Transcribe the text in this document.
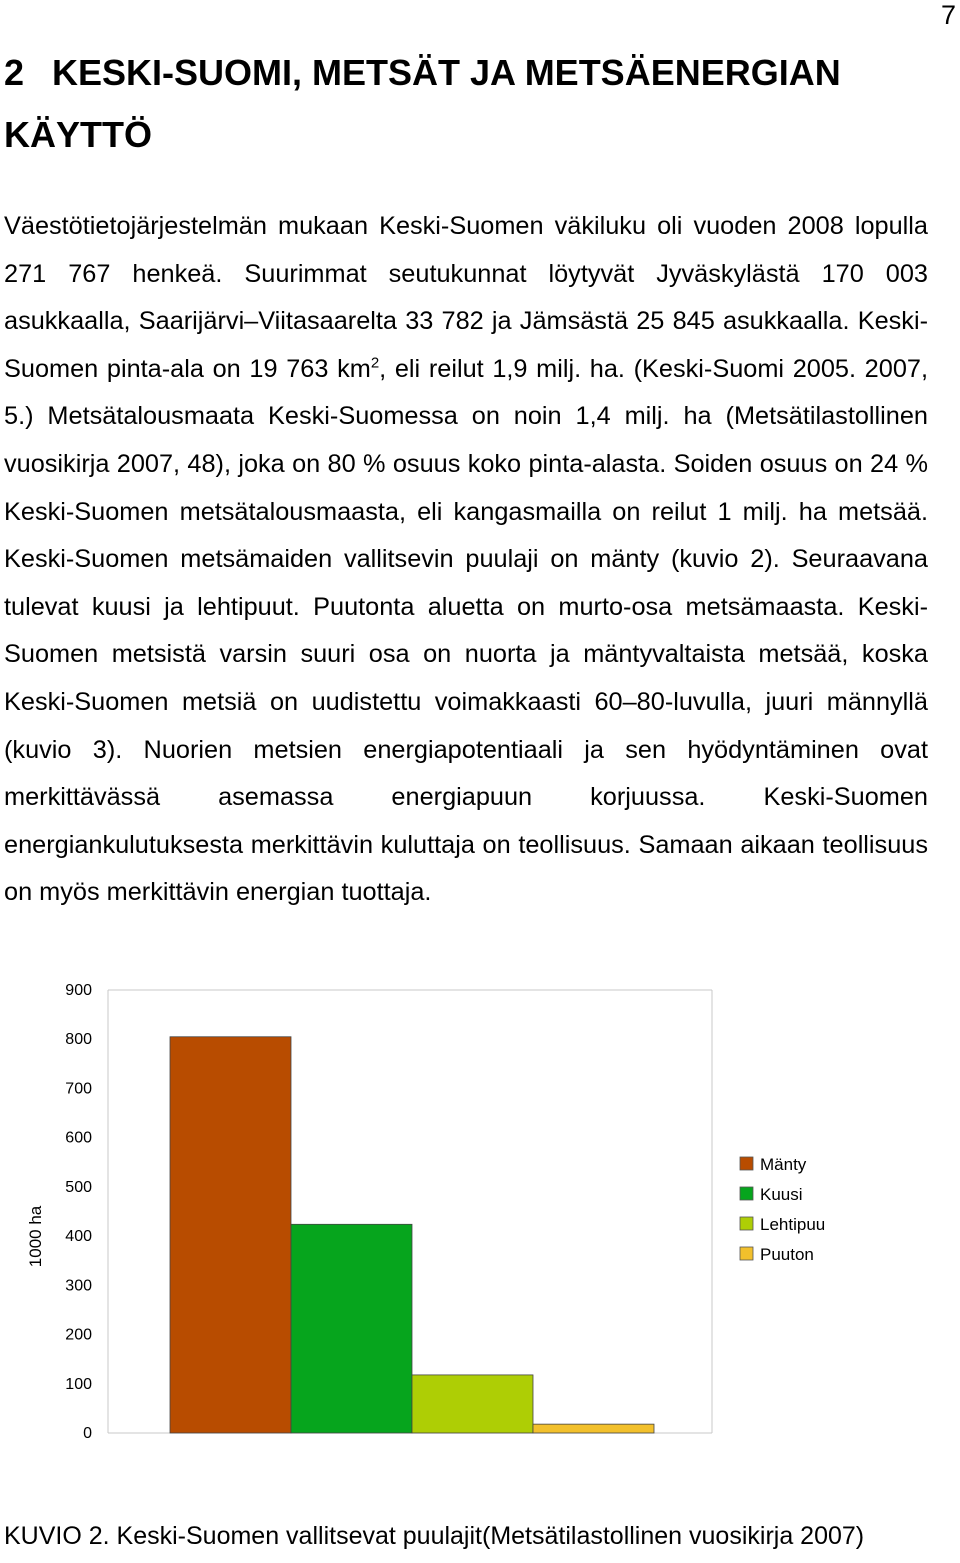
7
2 KESKI-SUOMI, METSÄT JA METSÄENERGIAN KÄYTTÖ

Väestötietojärjestelmän mukaan Keski-Suomen väkiluku oli vuoden 2008 lopulla 271 767 henkeä. Suurimmat seutukunnat löytyvät Jyväskylästä 170 003 asukkaalla, Saarijärvi–Viitasaarelta 33 782 ja Jämsästä 25 845 asukkaalla. Keski-Suomen pinta-ala on 19 763 $km^2$, eli reilut 1,9 milj. ha. (Keski-Suomi 2005. 2007, 5.) Metsätalousmaata Keski-Suomessa on noin 1,4 milj. ha (Metsätilastollinen vuosikirja 2007, 48), joka on 80 % osuus koko pinta-alasta. Soiden osuus on 24 % Keski-Suomen metsätalousmaasta, eli kangasmailla on reilut 1 milj. ha metsää. Keski-Suomen metsämaiden vallitsevin puulaji on mänty (kuvio 2). Seuraavana tulevat kuusi ja lehtipuut. Puutonta aluetta on murto-osa metsämaasta. Keski-Suomen metsistä varsin suuri osa on nuorta ja mäntyvaltaista metsää, koska Keski-Suomen metsiä on uudistettu voimakkaasti 60–80-luvulla, juuri männyllä (kuvio 3). Nuorien metsien energiapotentiaali ja sen hyödyntäminen ovat merkittävässä asemassa energiapuun korjuussa. Keski-Suomen energiankulutuksesta merkittävin kuluttaja on teollisuus. Samaan aikaan teollisuus on myös merkittävin energian tuottaja.

0
100
200
300
400
500
600
700
800
900
1000 ha
Mänty
Kuusi
Lehtipuu
Puuton

KUVIO 2. Keski-Suomen vallitsevat puulajit(Metsätilastollinen vuosikirja 2007)
